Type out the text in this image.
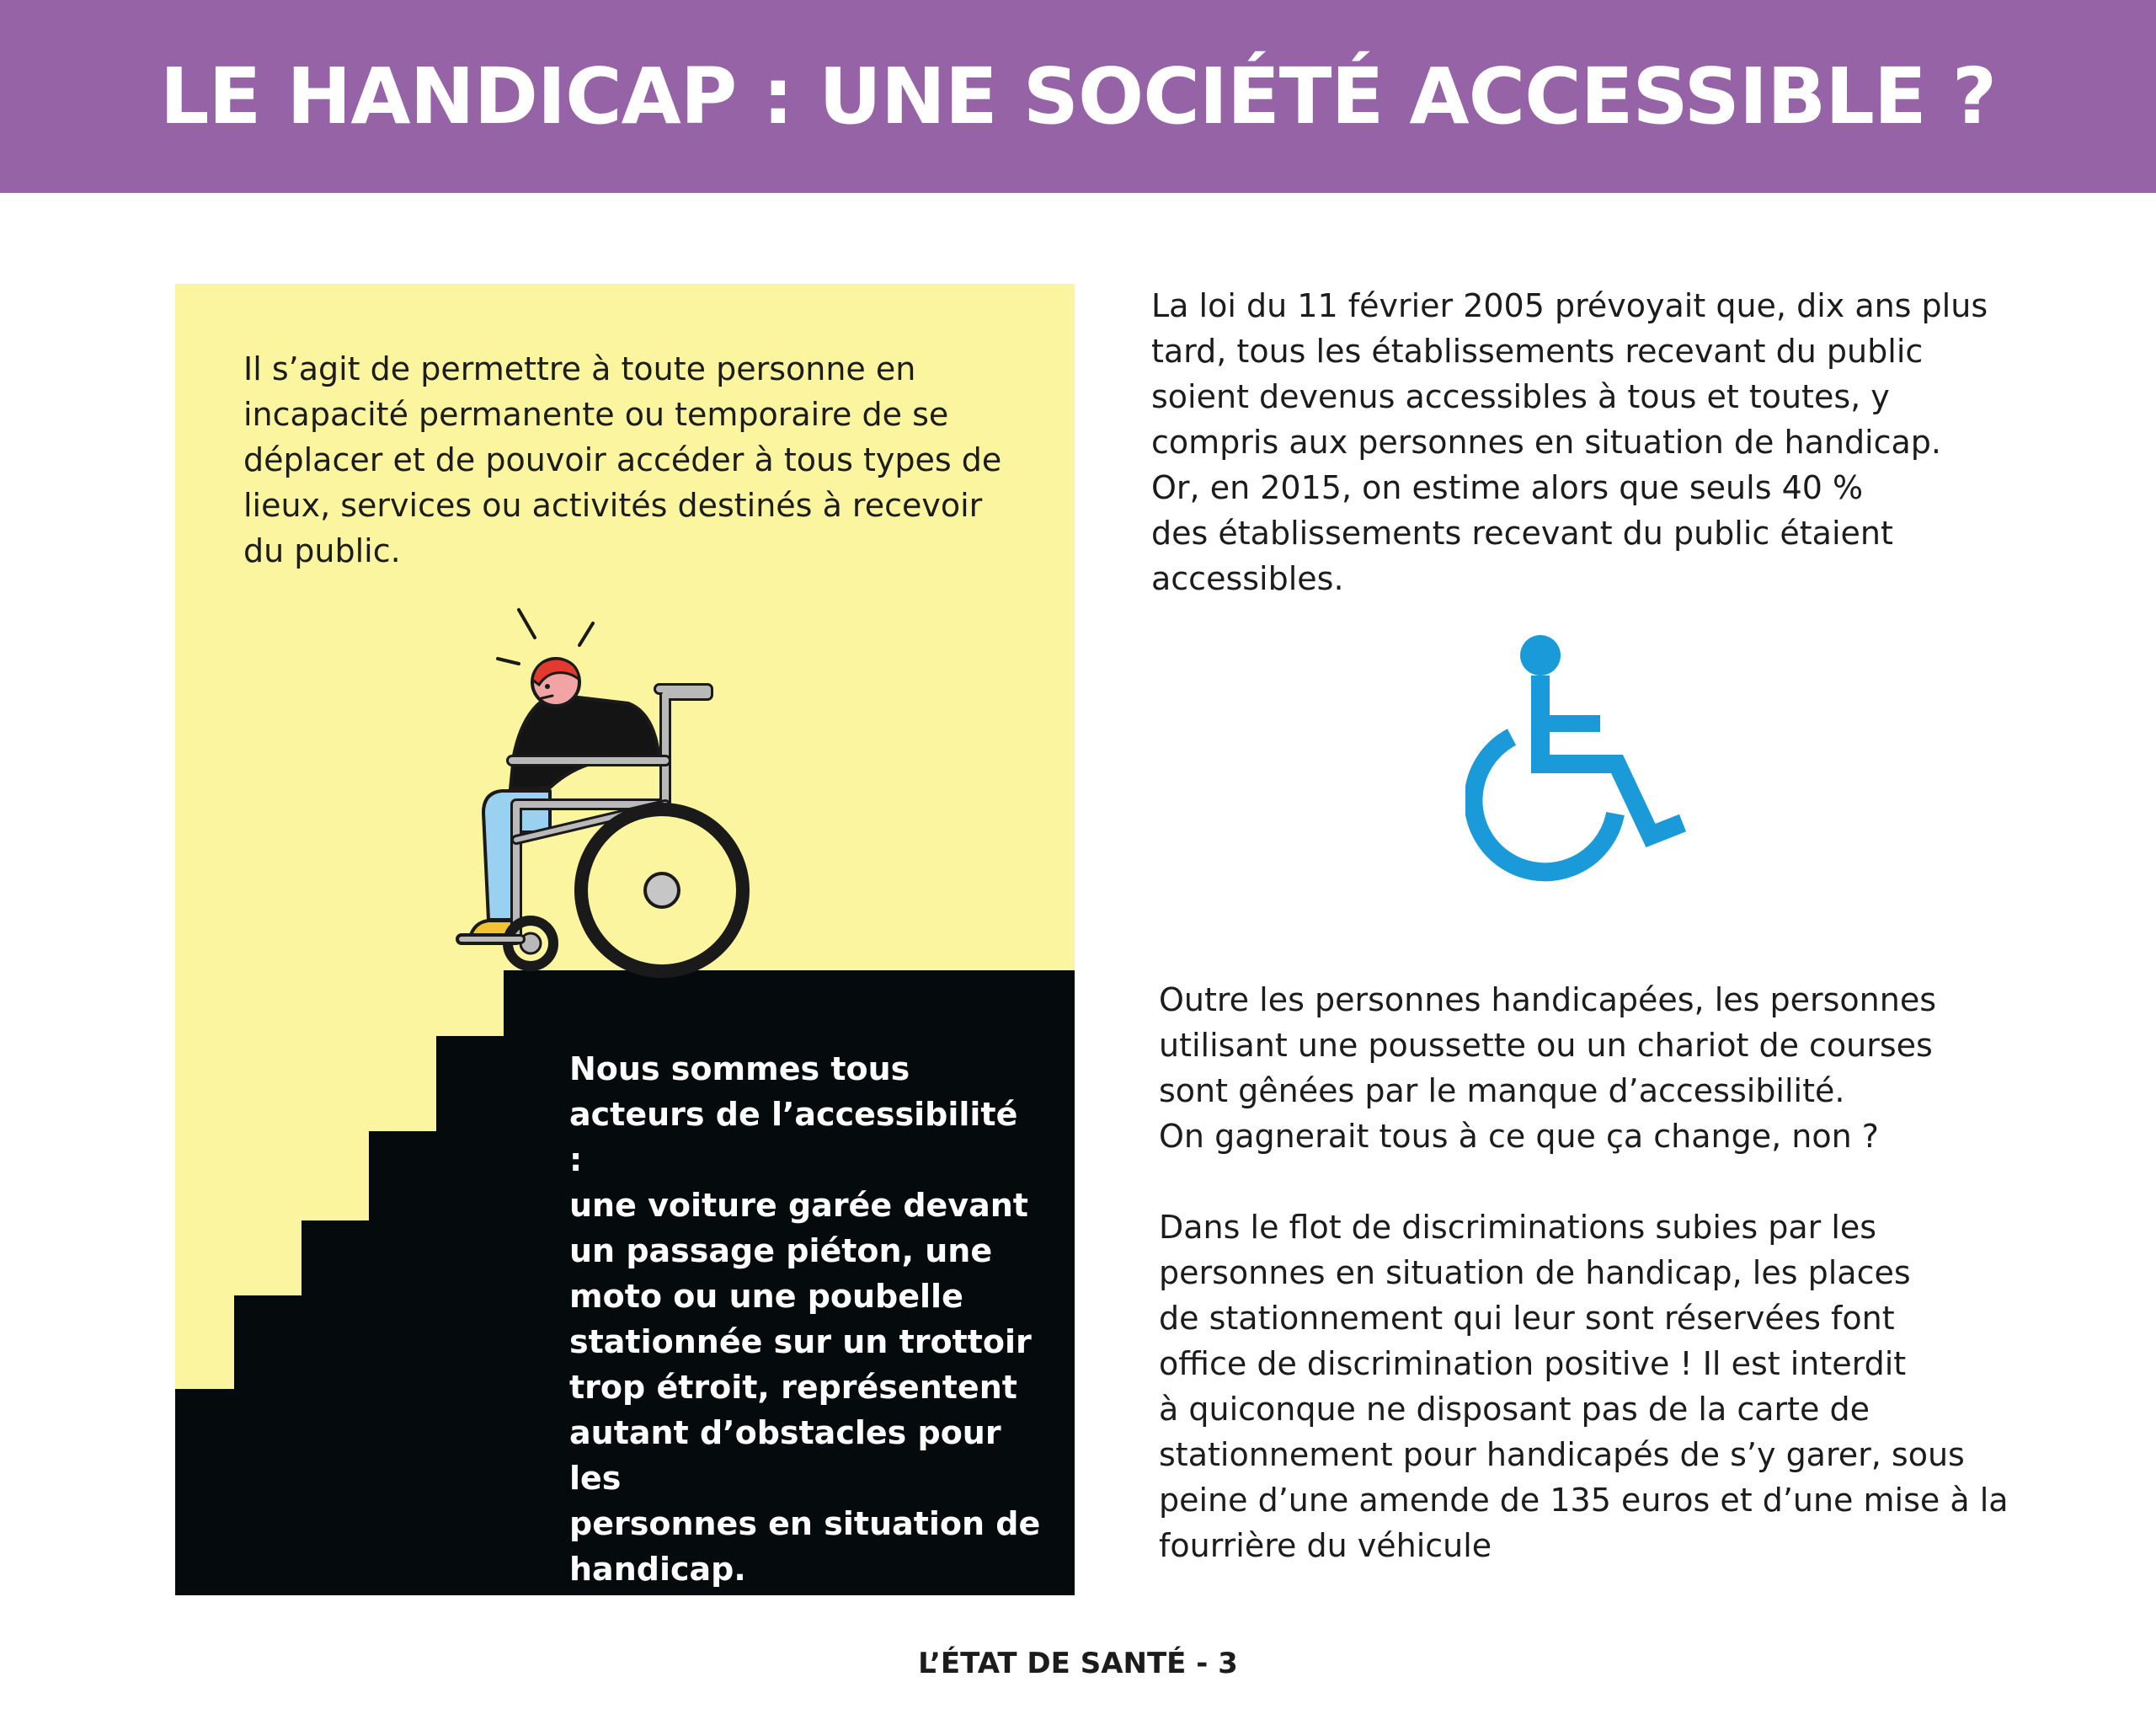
LE HANDICAP : UNE SOCIÉTÉ ACCESSIBLE ?

Il s’agit de permettre à toute personne en
incapacité permanente ou temporaire de se
déplacer et de pouvoir accéder à tous types de
lieux, services ou activités destinés à recevoir
du public.

Nous sommes tous
acteurs de l’accessibilité :
une voiture garée devant
un passage piéton, une
moto ou une poubelle
stationnée sur un trottoir
trop étroit, représentent
autant d’obstacles pour les
personnes en situation de
handicap.

La loi du 11 février 2005 prévoyait que, dix ans plus
tard, tous les établissements recevant du public
soient devenus accessibles à tous et toutes, y
compris aux personnes en situation de handicap.
Or, en 2015, on estime alors que seuls 40 %
des établissements recevant du public étaient
accessibles.

Outre les personnes handicapées, les personnes
utilisant une poussette ou un chariot de courses
sont gênées par le manque d’accessibilité.
On gagnerait tous à ce que ça change, non ?

Dans le flot de discriminations subies par les
personnes en situation de handicap, les places
de stationnement qui leur sont réservées font
office de discrimination positive ! Il est interdit
à quiconque ne disposant pas de la carte de
stationnement pour handicapés de s’y garer, sous
peine d’une amende de 135 euros et d’une mise à la
fourrière du véhicule

L’ÉTAT DE SANTÉ - 3
